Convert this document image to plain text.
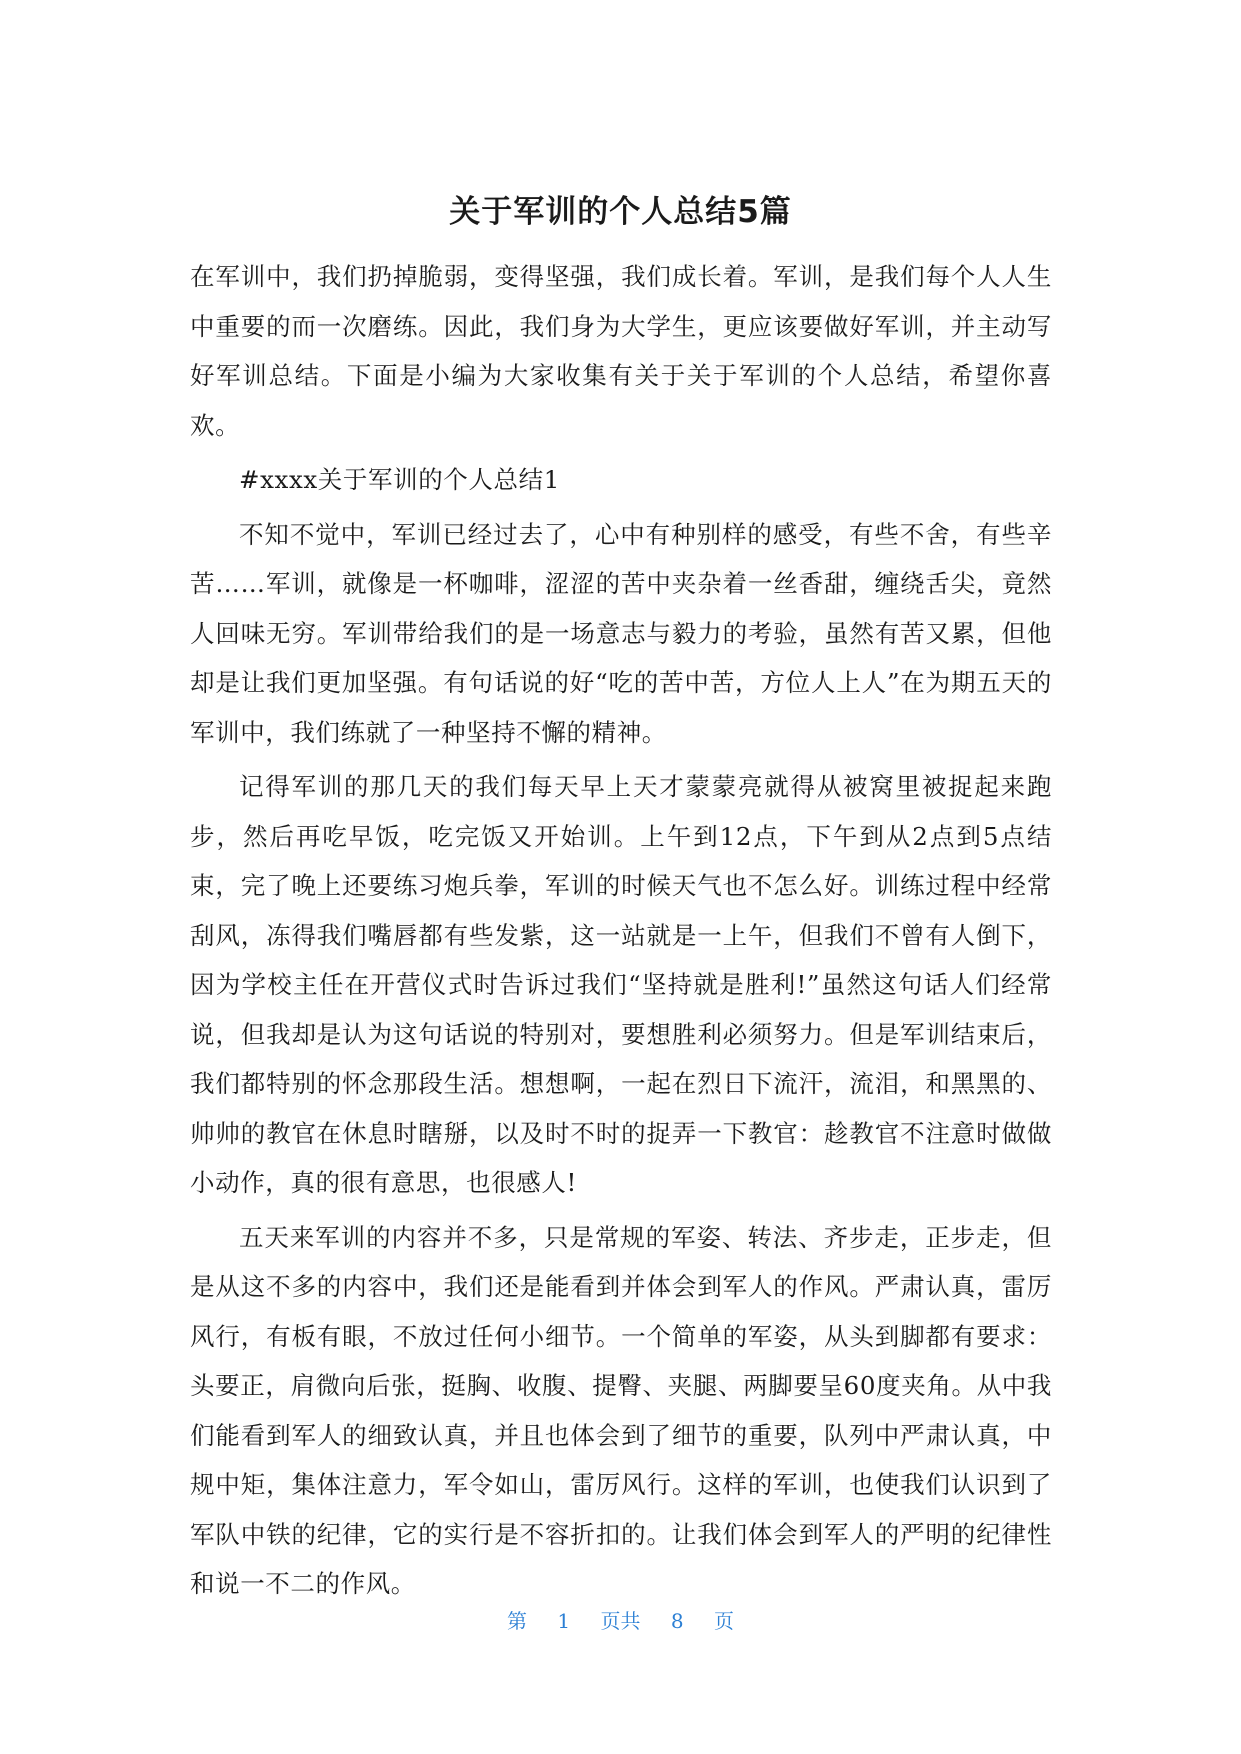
关于军训的个人总结5篇

在军训中，我们扔掉脆弱，变得坚强，我们成长着。军训，是我们每个人人生中重要的而一次磨练。因此，我们身为大学生，更应该要做好军训，并主动写好军训总结。下面是小编为大家收集有关于关于军训的个人总结，希望你喜欢。

#xxxx关于军训的个人总结1

不知不觉中，军训已经过去了，心中有种别样的感受，有些不舍，有些辛苦……军训，就像是一杯咖啡，涩涩的苦中夹杂着一丝香甜，缠绕舌尖，竟然人回味无穷。军训带给我们的是一场意志与毅力的考验，虽然有苦又累，但他却是让我们更加坚强。有句话说的好“吃的苦中苦，方位人上人”在为期五天的军训中，我们练就了一种坚持不懈的精神。

记得军训的那几天的我们每天早上天才蒙蒙亮就得从被窝里被捉起来跑步，然后再吃早饭，吃完饭又开始训。上午到12点，下午到从2点到5点结束，完了晚上还要练习炮兵拳，军训的时候天气也不怎么好。训练过程中经常刮风，冻得我们嘴唇都有些发紫，这一站就是一上午，但我们不曾有人倒下，因为学校主任在开营仪式时告诉过我们“坚持就是胜利!”虽然这句话人们经常说，但我却是认为这句话说的特别对，要想胜利必须努力。但是军训结束后，我们都特别的怀念那段生活。想想啊，一起在烈日下流汗，流泪，和黑黑的、帅帅的教官在休息时瞎掰，以及时不时的捉弄一下教官：趁教官不注意时做做小动作，真的很有意思，也很感人!

五天来军训的内容并不多，只是常规的军姿、转法、齐步走，正步走，但是从这不多的内容中，我们还是能看到并体会到军人的作风。严肃认真，雷厉风行，有板有眼，不放过任何小细节。一个简单的军姿，从头到脚都有要求：头要正，肩微向后张，挺胸、收腹、提臀、夹腿、两脚要呈60度夹角。从中我们能看到军人的细致认真，并且也体会到了细节的重要，队列中严肃认真，中规中矩，集体注意力，军令如山，雷厉风行。这样的军训，也使我们认识到了军队中铁的纪律，它的实行是不容折扣的。让我们体会到军人的严明的纪律性和说一不二的作风。

第 1 页共 8 页
